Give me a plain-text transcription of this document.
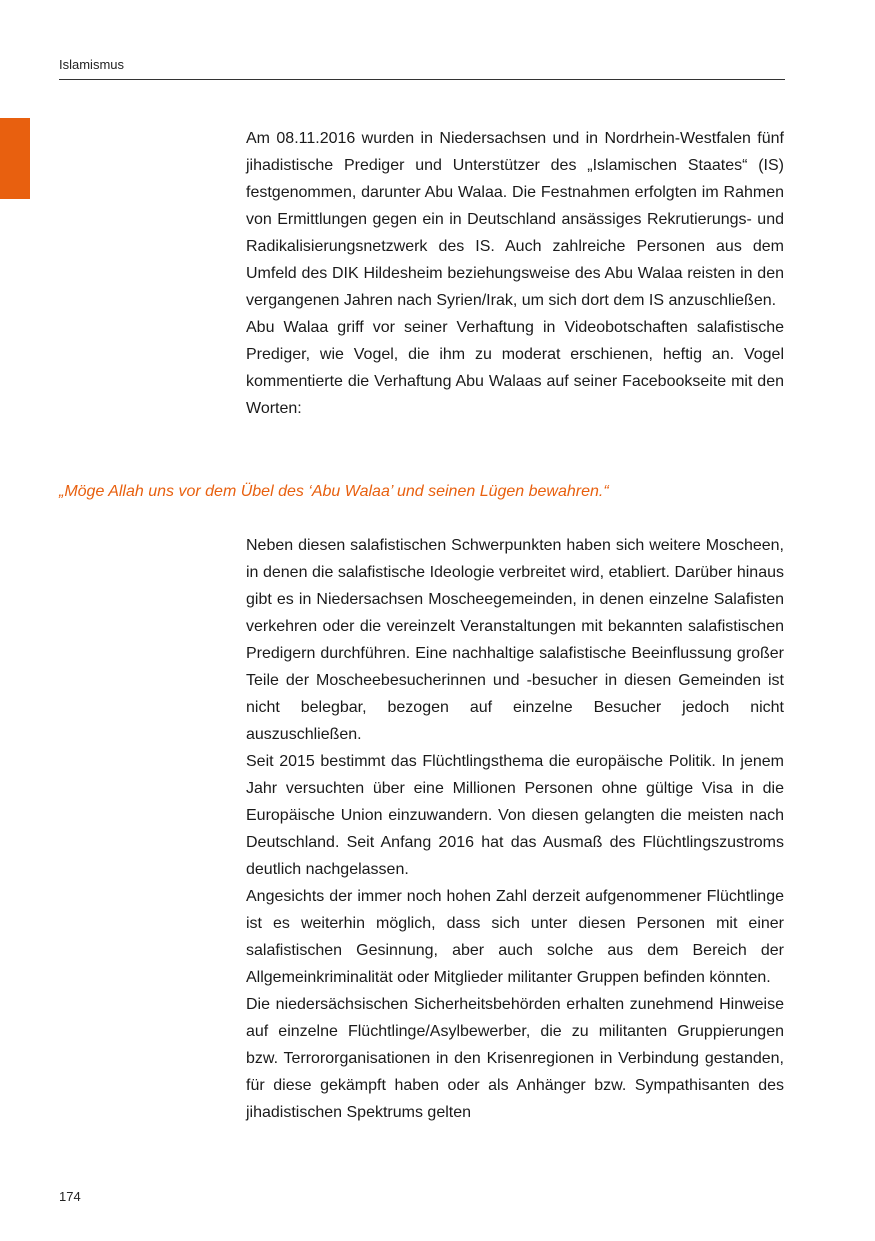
Islamismus

Am 08.11.2016 wurden in Niedersachsen und in Nordrhein-Westfalen fünf jihadistische Prediger und Unterstützer des „Islamischen Staates“ (IS) festgenommen, darunter Abu Walaa. Die Festnahmen erfolgten im Rahmen von Ermittlungen gegen ein in Deutschland ansässiges Rekrutierungs- und Radikalisierungsnetzwerk des IS. Auch zahlreiche Personen aus dem Umfeld des DIK Hildesheim beziehungsweise des Abu Walaa reisten in den vergangenen Jahren nach Syrien/Irak, um sich dort dem IS anzuschließen.

Abu Walaa griff vor seiner Verhaftung in Videobotschaften salafistische Prediger, wie Vogel, die ihm zu moderat erschienen, heftig an. Vogel kommentierte die Verhaftung Abu Walaas auf seiner Facebookseite mit den Worten:

„Möge Allah uns vor dem Übel des ‘Abu Walaa’ und seinen Lügen bewahren.“

Neben diesen salafistischen Schwerpunkten haben sich weitere Moscheen, in denen die salafistische Ideologie verbreitet wird, etabliert. Darüber hinaus gibt es in Niedersachsen Moscheegemeinden, in denen einzelne Salafisten verkehren oder die vereinzelt Veranstaltungen mit bekannten salafistischen Predigern durchführen. Eine nachhaltige salafistische Beeinflussung großer Teile der Moscheebesucherinnen und -besucher in diesen Gemeinden ist nicht belegbar, bezogen auf einzelne Besucher jedoch nicht auszuschließen.

Seit 2015 bestimmt das Flüchtlingsthema die europäische Politik. In jenem Jahr versuchten über eine Millionen Personen ohne gültige Visa in die Europäische Union einzuwandern. Von diesen gelangten die meisten nach Deutschland. Seit Anfang 2016 hat das Ausmaß des Flüchtlingszustroms deutlich nachgelassen.

Angesichts der immer noch hohen Zahl derzeit aufgenommener Flüchtlinge ist es weiterhin möglich, dass sich unter diesen Personen mit einer salafistischen Gesinnung, aber auch solche aus dem Bereich der Allgemeinkriminalität oder Mitglieder militanter Gruppen befinden könnten.

Die niedersächsischen Sicherheitsbehörden erhalten zunehmend Hinweise auf einzelne Flüchtlinge/Asylbewerber, die zu militanten Gruppierungen bzw. Terrororganisationen in den Krisenregionen in Verbindung gestanden, für diese gekämpft haben oder als Anhänger bzw. Sympathisanten des jihadistischen Spektrums gelten

174
